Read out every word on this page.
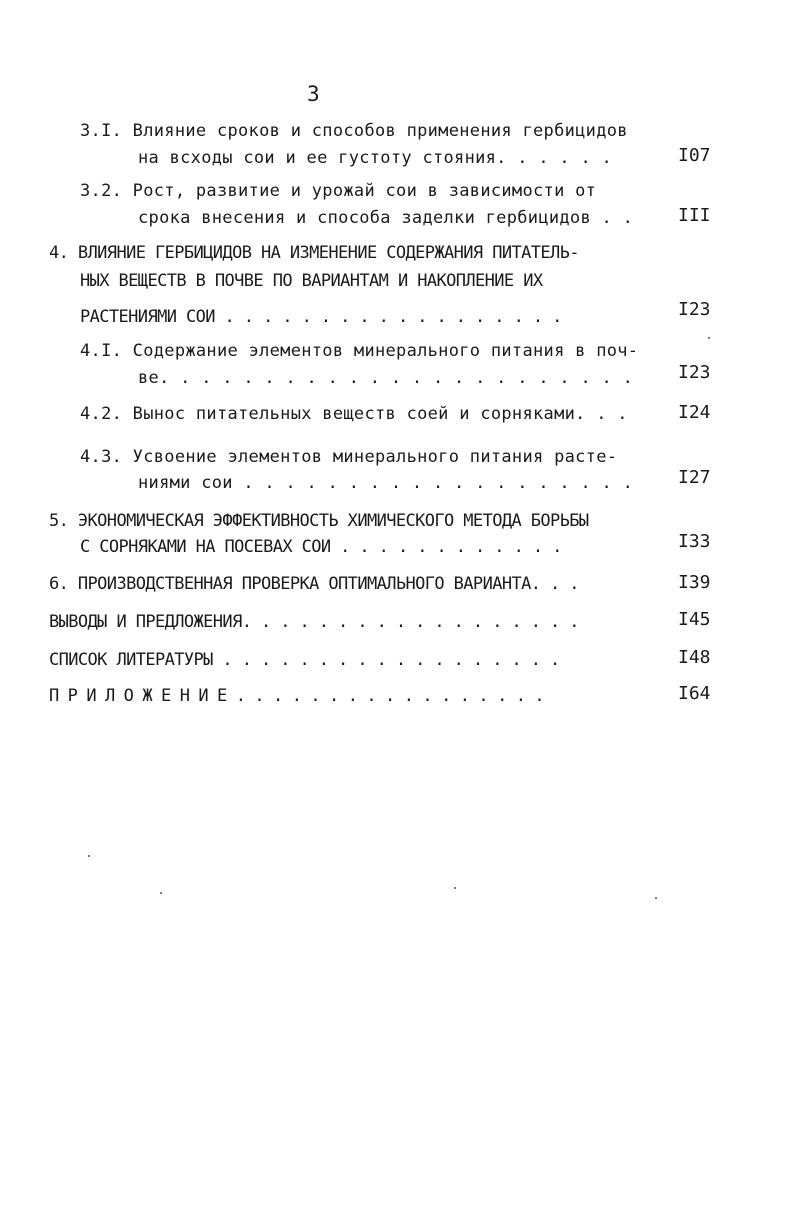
3
3.I. Влияние сроков и способов применения гербицидов
на всходы сои и ее густоту стояния. . . . . .	I07
3.2. Рост, развитие и урожай сои в зависимости от
срока внесения и способа заделки гербицидов . . III
4. ВЛИЯНИЕ ГЕРБИЦИДОВ НА ИЗМЕНЕНИЕ СОДЕРЖАНИЯ ПИТАТЕЛЬ-
НЫХ ВЕЩЕСТВ В ПОЧВЕ ПО ВАРИАНТАМ И НАКОПЛЕНИЕ ИХ
РАСТЕНИЯМИ СОИ . . . . . . . . . . . . . . . . . .	I23
4.I. Содержание элементов минерального питания в поч-
ве. . . . . . . . . . . . . . . . . . . . . . . I23
4.2. Вынос питательных веществ соей и сорняками. . .	I24
4.3. Усвоение элементов минерального питания расте-
ниями сои . . . . . . . . . . . . . . . . . . . I27
5. ЭКОНОМИЧЕСКАЯ ЭФФЕКТИВНОСТЬ ХИМИЧЕСКОГО МЕТОДА БОРЬБЫ
С СОРНЯКАМИ НА ПОСЕВАХ СОИ . . . . . . . . . . . .	I33
6. ПРОИЗВОДСТВЕННАЯ ПРОВЕРКА ОПТИМАЛЬНОГО ВАРИАНТА. . .	I39
ВЫВОДЫ И ПРЕДЛОЖЕНИЯ. . . . . . . . . . . . . . . . . .	I45
СПИСОК ЛИТЕРАТУРЫ . . . . . . . . . . . . . . . . . .	I48
П Р И Л О Ж Е Н И Е . . . . . . . . . . . . . . . . .	I64
